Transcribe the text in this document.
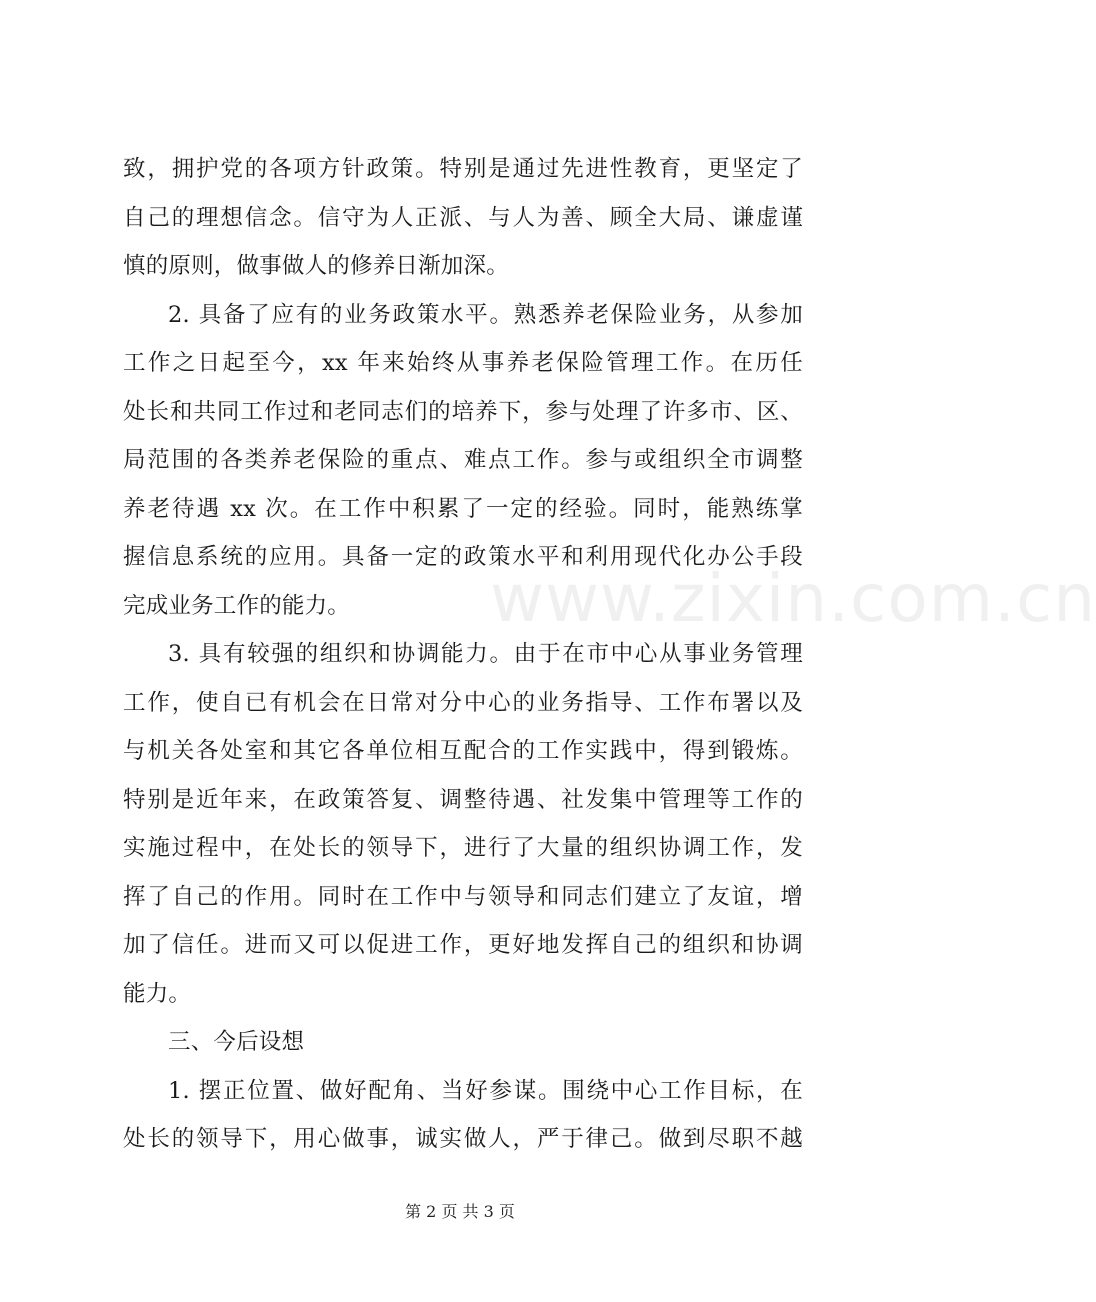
致，拥护党的各项方针政策。特别是通过先进性教育，更坚定了
自己的理想信念。信守为人正派、与人为善、顾全大局、谦虚谨
慎的原则，做事做人的修养日渐加深。
2. 具备了应有的业务政策水平。熟悉养老保险业务，从参加
工作之日起至今，xx 年来始终从事养老保险管理工作。在历任
处长和共同工作过和老同志们的培养下，参与处理了许多市、区、
局范围的各类养老保险的重点、难点工作。参与或组织全市调整
养老待遇 xx 次。在工作中积累了一定的经验。同时，能熟练掌
握信息系统的应用。具备一定的政策水平和利用现代化办公手段
完成业务工作的能力。
3. 具有较强的组织和协调能力。由于在市中心从事业务管理
工作，使自已有机会在日常对分中心的业务指导、工作布署以及
与机关各处室和其它各单位相互配合的工作实践中，得到锻炼。
特别是近年来，在政策答复、调整待遇、社发集中管理等工作的
实施过程中，在处长的领导下，进行了大量的组织协调工作，发
挥了自己的作用。同时在工作中与领导和同志们建立了友谊，增
加了信任。进而又可以促进工作，更好地发挥自己的组织和协调
能力。
三、今后设想
1. 摆正位置、做好配角、当好参谋。围绕中心工作目标，在
处长的领导下，用心做事，诚实做人，严于律己。做到尽职不越
www.zixin.com.cn
第 2 页 共 3 页
